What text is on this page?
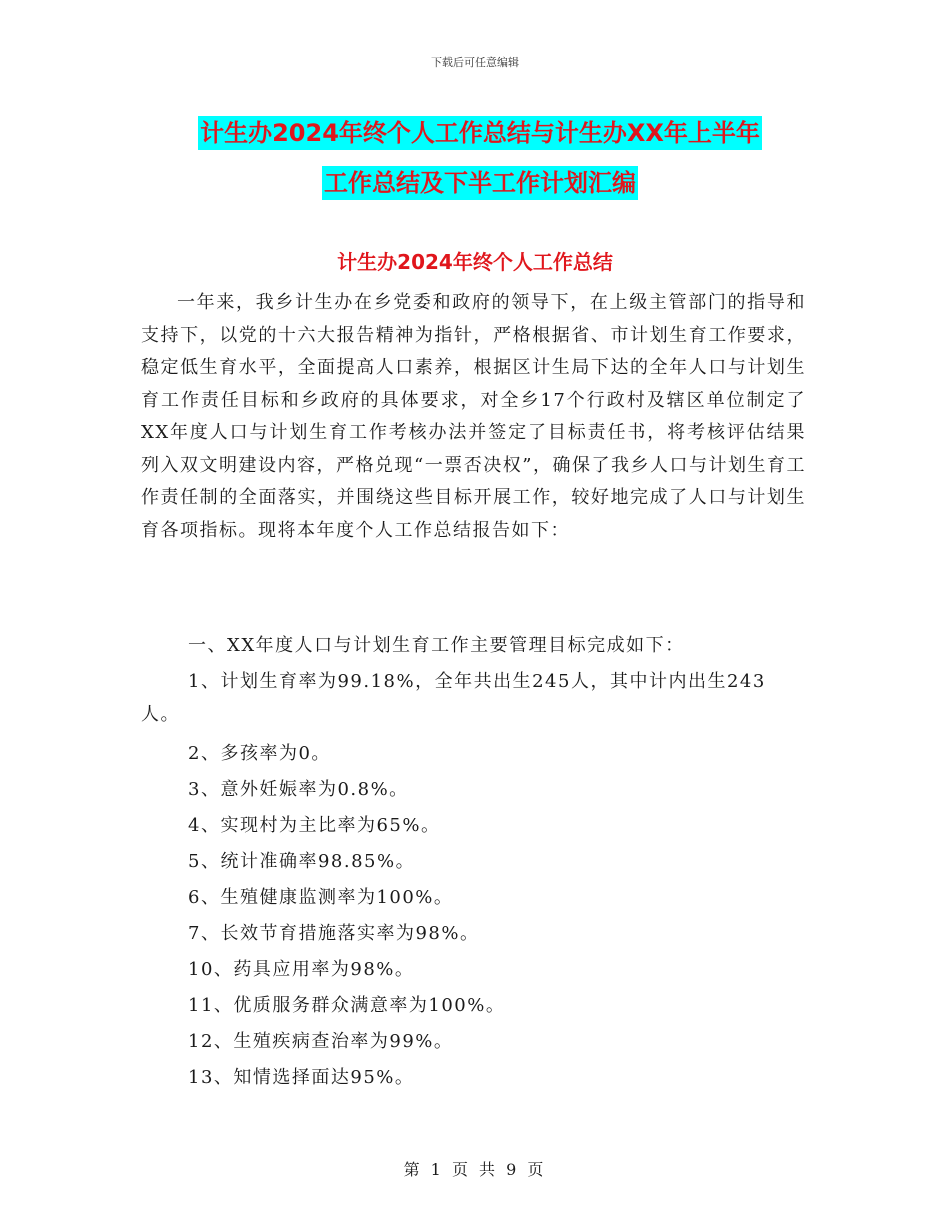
下载后可任意编辑
计生办2024年终个人工作总结与计生办XX年上半年
工作总结及下半工作计划汇编
计生办2024年终个人工作总结

一年来，我乡计生办在乡党委和政府的领导下，在上级主管部门的指导和支持下，以党的十六大报告精神为指针，严格根据省、市计划生育工作要求，稳定低生育水平，全面提高人口素养，根据区计生局下达的全年人口与计划生育工作责任目标和乡政府的具体要求，对全乡17个行政村及辖区单位制定了XX年度人口与计划生育工作考核办法并签定了目标责任书，将考核评估结果列入双文明建设内容，严格兑现“一票否决权”，确保了我乡人口与计划生育工作责任制的全面落实，并围绕这些目标开展工作，较好地完成了人口与计划生育各项指标。现将本年度个人工作总结报告如下：

一、XX年度人口与计划生育工作主要管理目标完成如下：
1、计划生育率为99.18%，全年共出生245人，其中计内出生243人。
2、多孩率为0。
3、意外妊娠率为0.8%。
4、实现村为主比率为65%。
5、统计准确率98.85%。
6、生殖健康监测率为100%。
7、长效节育措施落实率为98%。
10、药具应用率为98%。
11、优质服务群众满意率为100%。
12、生殖疾病查治率为99%。
13、知情选择面达95%。
第 1 页 共 9 页
